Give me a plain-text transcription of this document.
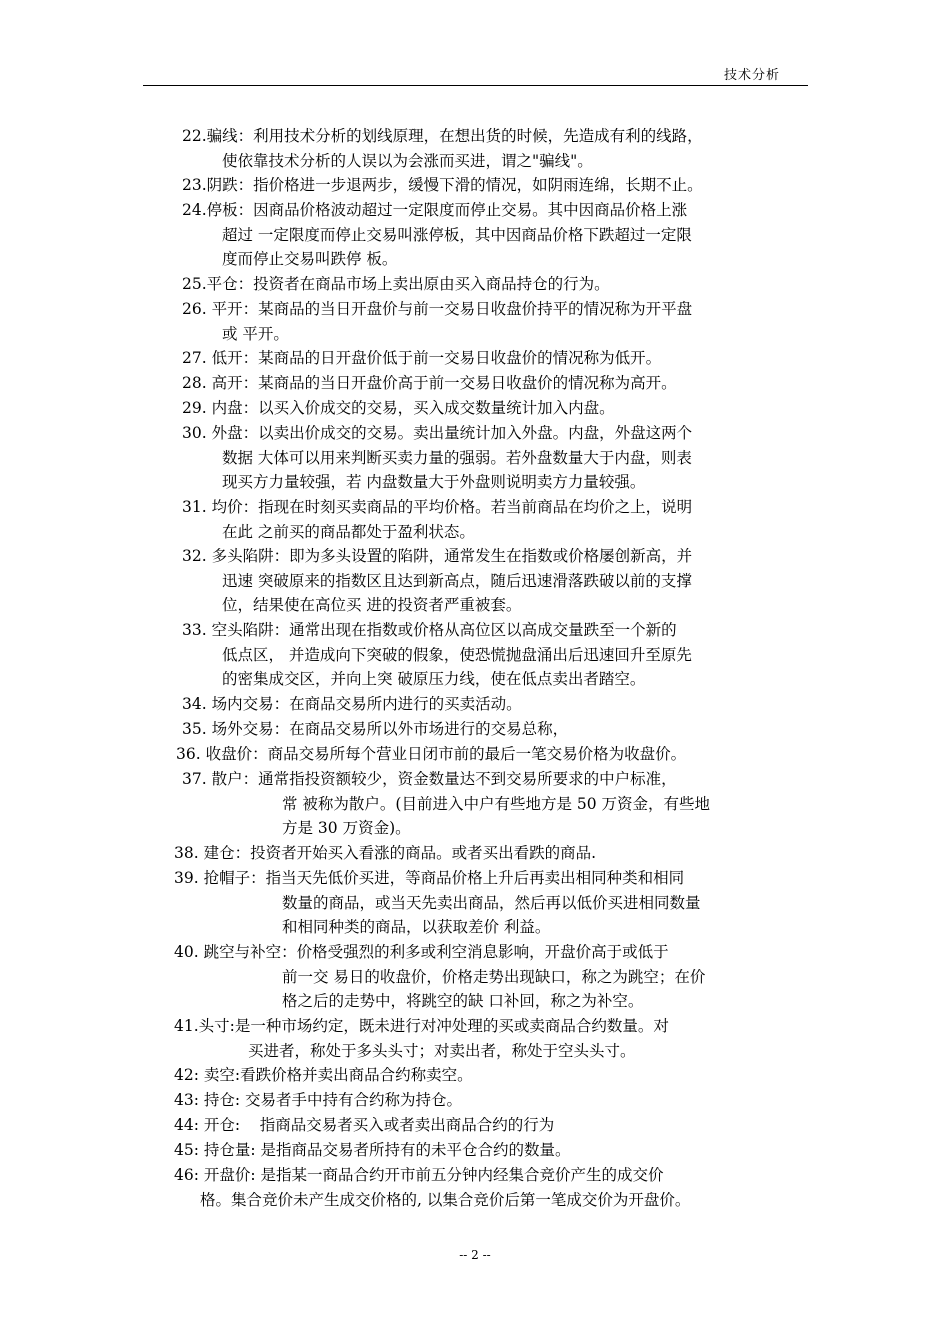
技术分析

22.骗线：利用技术分析的划线原理，在想出货的时候，先造成有利的线路，
使依靠技术分析的人误以为会涨而买进，谓之"骗线"。

23.阴跌：指价格进一步退两步，缓慢下滑的情况，如阴雨连绵，长期不止。

24.停板：因商品价格波动超过一定限度而停止交易。其中因商品价格上涨
超过 一定限度而停止交易叫涨停板，其中因商品价格下跌超过一定限
度而停止交易叫跌停 板。

25.平仓：投资者在商品市场上卖出原由买入商品持仓的行为。

26. 平开：某商品的当日开盘价与前一交易日收盘价持平的情况称为开平盘
或 平开。

27. 低开：某商品的日开盘价低于前一交易日收盘价的情况称为低开。

28. 高开：某商品的当日开盘价高于前一交易日收盘价的情况称为高开。

29. 内盘：以买入价成交的交易，买入成交数量统计加入内盘。

30. 外盘：以卖出价成交的交易。卖出量统计加入外盘。内盘，外盘这两个
数据 大体可以用来判断买卖力量的强弱。若外盘数量大于内盘，则表
现买方力量较强，若 内盘数量大于外盘则说明卖方力量较强。

31. 均价：指现在时刻买卖商品的平均价格。若当前商品在均价之上，说明
在此 之前买的商品都处于盈利状态。

32. 多头陷阱：即为多头设置的陷阱，通常发生在指数或价格屡创新高，并
迅速 突破原来的指数区且达到新高点，随后迅速滑落跌破以前的支撑
位，结果使在高位买 进的投资者严重被套。

33. 空头陷阱：通常出现在指数或价格从高位区以高成交量跌至一个新的
低点区， 并造成向下突破的假象，使恐慌抛盘涌出后迅速回升至原先
的密集成交区，并向上突 破原压力线，使在低点卖出者踏空。

34. 场内交易：在商品交易所内进行的买卖活动。

35. 场外交易：在商品交易所以外市场进行的交易总称，

36. 收盘价：商品交易所每个营业日闭市前的最后一笔交易价格为收盘价。

37. 散户：通常指投资额较少，资金数量达不到交易所要求的中户标准，
常 被称为散户。(目前进入中户有些地方是 50 万资金，有些地
方是 30 万资金)。

38. 建仓：投资者开始买入看涨的商品。或者买出看跌的商品.

39. 抢帽子：指当天先低价买进，等商品价格上升后再卖出相同种类和相同
数量的商品，或当天先卖出商品，然后再以低价买进相同数量
和相同种类的商品，以获取差价 利益。

40. 跳空与补空：价格受强烈的利多或利空消息影响，开盘价高于或低于
前一交 易日的收盘价，价格走势出现缺口，称之为跳空；在价
格之后的走势中，将跳空的缺 口补回，称之为补空。

41.头寸:是一种市场约定，既未进行对冲处理的买或卖商品合约数量。对
买进者，称处于多头头寸；对卖出者，称处于空头头寸。

42: 卖空:看跌价格并卖出商品合约称卖空。

43: 持仓: 交易者手中持有合约称为持仓。

44: 开仓:    指商品交易者买入或者卖出商品合约的行为

45: 持仓量: 是指商品交易者所持有的未平仓合约的数量。

46: 开盘价: 是指某一商品合约开市前五分钟内经集合竞价产生的成交价
格。集合竞价未产生成交价格的, 以集合竞价后第一笔成交价为开盘价。

-- 2 --
